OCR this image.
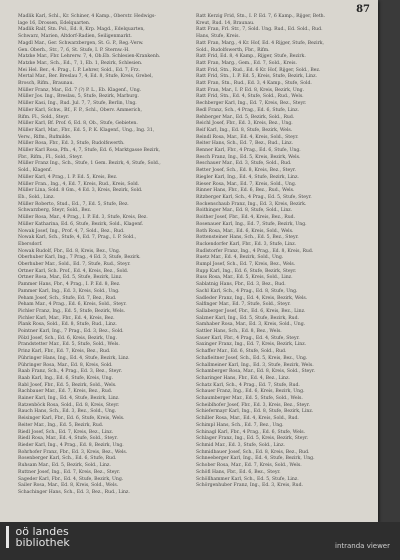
87

Madlik Karl, Schl., Kr. Schiner, 4 Kamp., Oberstr. Hedwigs-

lage 16, Drossen, Edelquarten.

Madlik Ralf, Stn. Pol., Ed. 8, Krp. Magd., Edelquarten,

Schwarz, Marien, Altdorf-Radien, Seiligenmarkt.

Magdl Mar., Ger. Schwarzbergen, St. G. P., Reg.-Verw.

Gen. Oberh., Str., 7, 6, St. Stufe, I. P. Sternw.-H.

Matzke Mar., Fbr. Lehrerw. 7, 4, Ob.Eb. Schlesien-Krankenh.

Matzke Mar., Sch., Ed., 7, 1, Eb. 1, Bezirk, Schlesien.

Mei Hel. Ber., 4. Prag., I. P. Lehrer, Sold., Ed. 7, Frz.

Mertal Mar., Ber. Breslau 7, 4, Ed. 8, Stufe, Kreis, Grebel,

Brosch, Rifm., Braunau.

Müller Franz, Mar., Ed. 7 (?) P. L., Eb. Klagenf., Ung.

Müller Jos. Ing., Breslau, 5, Stufe, Bezirk, Marburg.

Müller Kasi, Ing., Rud. Jul. 7, 7, Stufe, Berlin, Ung.

Müller Karl, Schw., Bf., F. P., Schl., Oberv. Ammerich,

Rifm. Fl., Sold., Steyr.

Müller Karl, Bf. Prof. 6, Ed. 8, Ob., Stufe, Gebieten.

Müller Karl, Mar., Fbr., Ed. 5, P. K. Klagenf., Ung., Ing. 31,

Verw., Rifm., Rufmilde.

Müller Rosa, Fbr., Ed. 3, Stufe, Rudolfswerth.

Müller Karl Rosa, Pfn., 4, 7, Stufe, Ed. 6, Marktgasse Bezirk,

Fbr., Rifm., Fl., Sold., Steyr.

Müller Franz Ing., Sch., Stufe, 1 Gem. Bezirk, 4, Stufe, Sold.,

Sold., Klagenf.

Müller Karl, 4 Prag., I. P. Ed. 5, Kreis, Bez.

Müller Fran., Ing., 4, Ed. 7, Kreis, Rud., Kreis, Sold.

Müller Lina, Sold. 8 Gm., 4 Ed. 3, Kreis, Bezirk, Sold.

Eb., Sold., Linz.

Müller Roberto, Stud., Ed., 7, Ed. 5, Stufe, Bez.

Schwarzberg, Steyr, Sold., Bez.

Müller Rosa, Mar., 4 Prag., I. P. Ed. 3, Stufe, Kreis, Bez.

Müller Katharina, Ed. 6, Stufe, Bezirk, Sold., Klagenf.

Nowak Josef, Ing., Prof. 4, 7, Sold., Bez., Rud.

Nowak Karl, Sch., Stufe, 4, Ed. 7, Prag., I. P. Sold.,

Ebersdorf.

Nowak Rudolf, Fbr., Ed. 8, Kreis, Bez., Ung.

Oberhuber Karl, Ing., 7 Prag., 4 Ed. 3, Stufe, Bezirk.

Oberhuber Mar., Sold., Ed. 7, Stufe, Rud., Steyr.

Ortner Karl, Sch. Prof., Ed. 4, Kreis, Bez., Sold.

Ortner Rosa, Mar., Ed. 5, Stufe, Bezirk, Linz.

Pammer Hans, Fbr., 4 Prag., I. P. Ed. 8, Bez.

Pammer Karl, Ing., Ed. 3, Kreis, Sold., Ung.

Peham Josef, Sch., Stufe, Ed. 7, Bez., Rud.

Peham Mar., 4 Prag., Ed. 6, Kreis, Sold., Steyr.

Pichler Franz, Ing., Ed. 5, Stufe, Bezirk, Wels.

Pichler Karl, Mar., Fbr., Ed. 4, Kreis, Bez.

Plank Rosa, Sold., Ed. 8, Stufe, Rud., Linz.

Pointner Karl, Ing., 7 Prag., Ed. 3, Bez., Sold.

Pölzl Josef, Sch., Ed. 6, Kreis, Bezirk, Ung.

Prandstetter Mar., Ed. 5, Stufe, Sold., Wels.

Prinz Karl, Fbr., Ed. 7, Kreis, Bez., Rud.

Pühringer Hans, Ing., Ed. 4, Stufe, Bezirk, Linz.

Pühringer Rosa, Mar., Ed. 8, Kreis, Sold.

Raab Franz, Sch., 4 Prag., Ed. 3, Bez., Steyr.

Raab Karl, Ing., Ed. 6, Stufe, Kreis, Ung.

Rabl Josef, Fbr., Ed. 5, Bezirk, Sold., Wels.

Rachbauer Mar., Ed. 7, Kreis, Bez., Rud.

Rainer Karl, Ing., Ed. 4, Stufe, Bezirk, Linz.

Ratzenböck Rosa, Sold., Ed. 8, Kreis, Steyr.

Rauch Hans, Sch., Ed. 3, Bez., Sold., Ung.

Reisinger Karl, Fbr., Ed. 6, Stufe, Kreis, Wels.

Reiter Mar., Ing., Ed. 5, Bezirk, Rud.

Riedl Josef, Sch., Ed. 7, Kreis, Bez., Linz.

Riedl Rosa, Mar., Ed. 4, Stufe, Sold., Steyr.

Rieder Karl, Ing., 4 Prag., Ed. 8, Bezirk, Ung.

Rohrhofer Franz, Fbr., Ed. 3, Kreis, Bez., Wels.

Rosenberger Karl, Sch., Ed. 6, Stufe, Rud.

Ruhsam Mar., Ed. 5, Bezirk, Sold., Linz.

Ruttner Josef, Ing., Ed. 7, Kreis, Bez., Steyr.

Sageder Karl, Fbr., Ed. 4, Stufe, Bezirk, Ung.

Sailer Rosa, Mar., Ed. 8, Kreis, Sold., Wels.

Schachinger Hans, Sch., Ed. 3, Bez., Rud., Linz.

Ratt Kerzig Frid, Stn., I. P. Ed. 7, 6 Kamp., Rijger, Beth.

Kreut, Rud. 14, Braunau.

Ratt Fran, Frl. Str., 7, Sold. Ung. Rud., Ed. Sold., Rud.

Hans, Stufe, Kreis.

Ratt Fran, Marg., 4 Kr. Hof, Ed. 4 Rijger, Stufe, Bezirk,

Sold., Rudolfswerth, Fbr., Rifm.

Ratt Frid, Ed. 8, 4 Kamp., Rijger, Stufe, Bezirk.

Ratt Fran, Marg., Gem., Ed. 7, Sold., Kreis.

Ratt Frid, Stn., Rud., Ed. 6 Kr. Hof, Rijger, Sold., Bez.

Ratt Frid, Stn., I. P. Ed. 5, Kreis, Stufe, Bezirk, Linz.

Ratt Fran, Stn., Rud., Ed. 3, 4 Kamp., Stufe, Sold.

Ratt Fran, Mar., I. P. Ed. 8, Kreis, Bezirk, Ung.

Ratt Frid, Stn., Ed. 4, Stufe, Sold., Rud., Wels.

Rechberger Karl, Ing., Ed. 7, Kreis, Bez., Steyr.

Redl Franz, Sch., 4 Prag., Ed. 6, Stufe, Linz.

Rehberger Mar., Ed. 5, Bezirk, Sold., Rud.

Reichl Josef, Fbr., Ed. 3, Kreis, Bez., Ung.

Reif Karl, Ing., Ed. 8, Stufe, Bezirk, Wels.

Reindl Rosa, Mar., Ed. 4, Kreis, Sold., Steyr.

Reiter Hans, Sch., Ed. 7, Bez., Rud., Linz.

Renner Karl, Fbr., 4 Prag., Ed. 6, Stufe, Ung.

Resch Franz, Ing., Ed. 5, Kreis, Bezirk, Wels.

Reschauer Mar., Ed. 3, Stufe, Sold., Rud.

Retter Josef, Sch., Ed. 8, Kreis, Bez., Steyr.

Riegler Karl, Ing., Ed. 4, Stufe, Bezirk, Linz.

Rieser Rosa, Mar., Ed. 7, Kreis, Sold., Ung.

Rinner Hans, Fbr., Ed. 6, Bez., Rud., Wels.

Ritzberger Karl, Sch., 4 Prag., Ed. 5, Stufe, Steyr.

Rockenschaub Franz, Ing., Ed. 3, Kreis, Bezirk.

Roithinger Mar., Ed. 8, Stufe, Sold., Linz.

Roither Josef, Fbr., Ed. 4, Kreis, Bez., Rud.

Rosenauer Karl, Ing., Ed. 7, Stufe, Bezirk, Ung.

Roth Rosa, Mar., Ed. 6, Kreis, Sold., Wels.

Rottensteiner Hans, Sch., Ed. 5, Bez., Steyr.

Ruckendorfer Karl, Fbr., Ed. 3, Stufe, Linz.

Rudlstorfer Franz, Ing., 4 Prag., Ed. 8, Kreis, Rud.

Ruetz Mar., Ed. 4, Bezirk, Sold., Ung.

Rumpl Josef, Sch., Ed. 7, Kreis, Bez., Wels.

Rupp Karl, Ing., Ed. 6, Stufe, Bezirk, Steyr.

Russ Rosa, Mar., Ed. 5, Kreis, Sold., Linz.

Sablatnig Hans, Fbr., Ed. 3, Bez., Rud.

Sachl Karl, Sch., 4 Prag., Ed. 8, Stufe, Ung.

Sadleder Franz, Ing., Ed. 4, Kreis, Bezirk, Wels.

Salfinger Mar., Ed. 7, Stufe, Sold., Steyr.

Sallaberger Josef, Fbr., Ed. 6, Kreis, Bez., Linz.

Salzner Karl, Ing., Ed. 5, Stufe, Bezirk, Rud.

Samhaber Rosa, Mar., Ed. 3, Kreis, Sold., Ung.

Sattler Hans, Sch., Ed. 8, Bez., Wels.

Sauer Karl, Fbr., 4 Prag., Ed. 4, Stufe, Steyr.

Saxinger Franz, Ing., Ed. 7, Kreis, Bezirk, Linz.

Schaffer Mar., Ed. 6, Stufe, Sold., Rud.

Schafleitner Josef, Sch., Ed. 5, Kreis, Bez., Ung.

Schallmeiner Karl, Ing., Ed. 3, Stufe, Bezirk, Wels.

Schamberger Rosa, Mar., Ed. 8, Kreis, Sold., Steyr.

Scharinger Hans, Fbr., Ed. 4, Bez., Linz.

Schatz Karl, Sch., 4 Prag., Ed. 7, Stufe, Rud.

Schauer Franz, Ing., Ed. 6, Kreis, Bezirk, Ung.

Schaumberger Mar., Ed. 5, Stufe, Sold., Wels.

Scheiblhofer Josef, Fbr., Ed. 3, Kreis, Bez., Steyr.

Schiefermayr Karl, Ing., Ed. 8, Stufe, Bezirk, Linz.

Schiller Rosa, Mar., Ed. 4, Kreis, Sold., Rud.

Schimpl Hans, Sch., Ed. 7, Bez., Ung.

Schinagl Karl, Fbr., 4 Prag., Ed. 6, Stufe, Wels.

Schlager Franz, Ing., Ed. 5, Kreis, Bezirk, Steyr.

Schmid Mar., Ed. 3, Stufe, Sold., Linz.

Schmidbauer Josef, Sch., Ed. 8, Kreis, Bez., Rud.

Schneeberger Karl, Ing., Ed. 4, Stufe, Bezirk, Ung.

Schober Rosa, Mar., Ed. 7, Kreis, Sold., Wels.

Schöfl Hans, Fbr., Ed. 6, Bez., Steyr.

Schöllhammer Karl, Sch., Ed. 5, Stufe, Linz.

Schörgenhuber Franz, Ing., Ed. 3, Kreis, Rud.

oö landes
bibliothek	intranda viewer
